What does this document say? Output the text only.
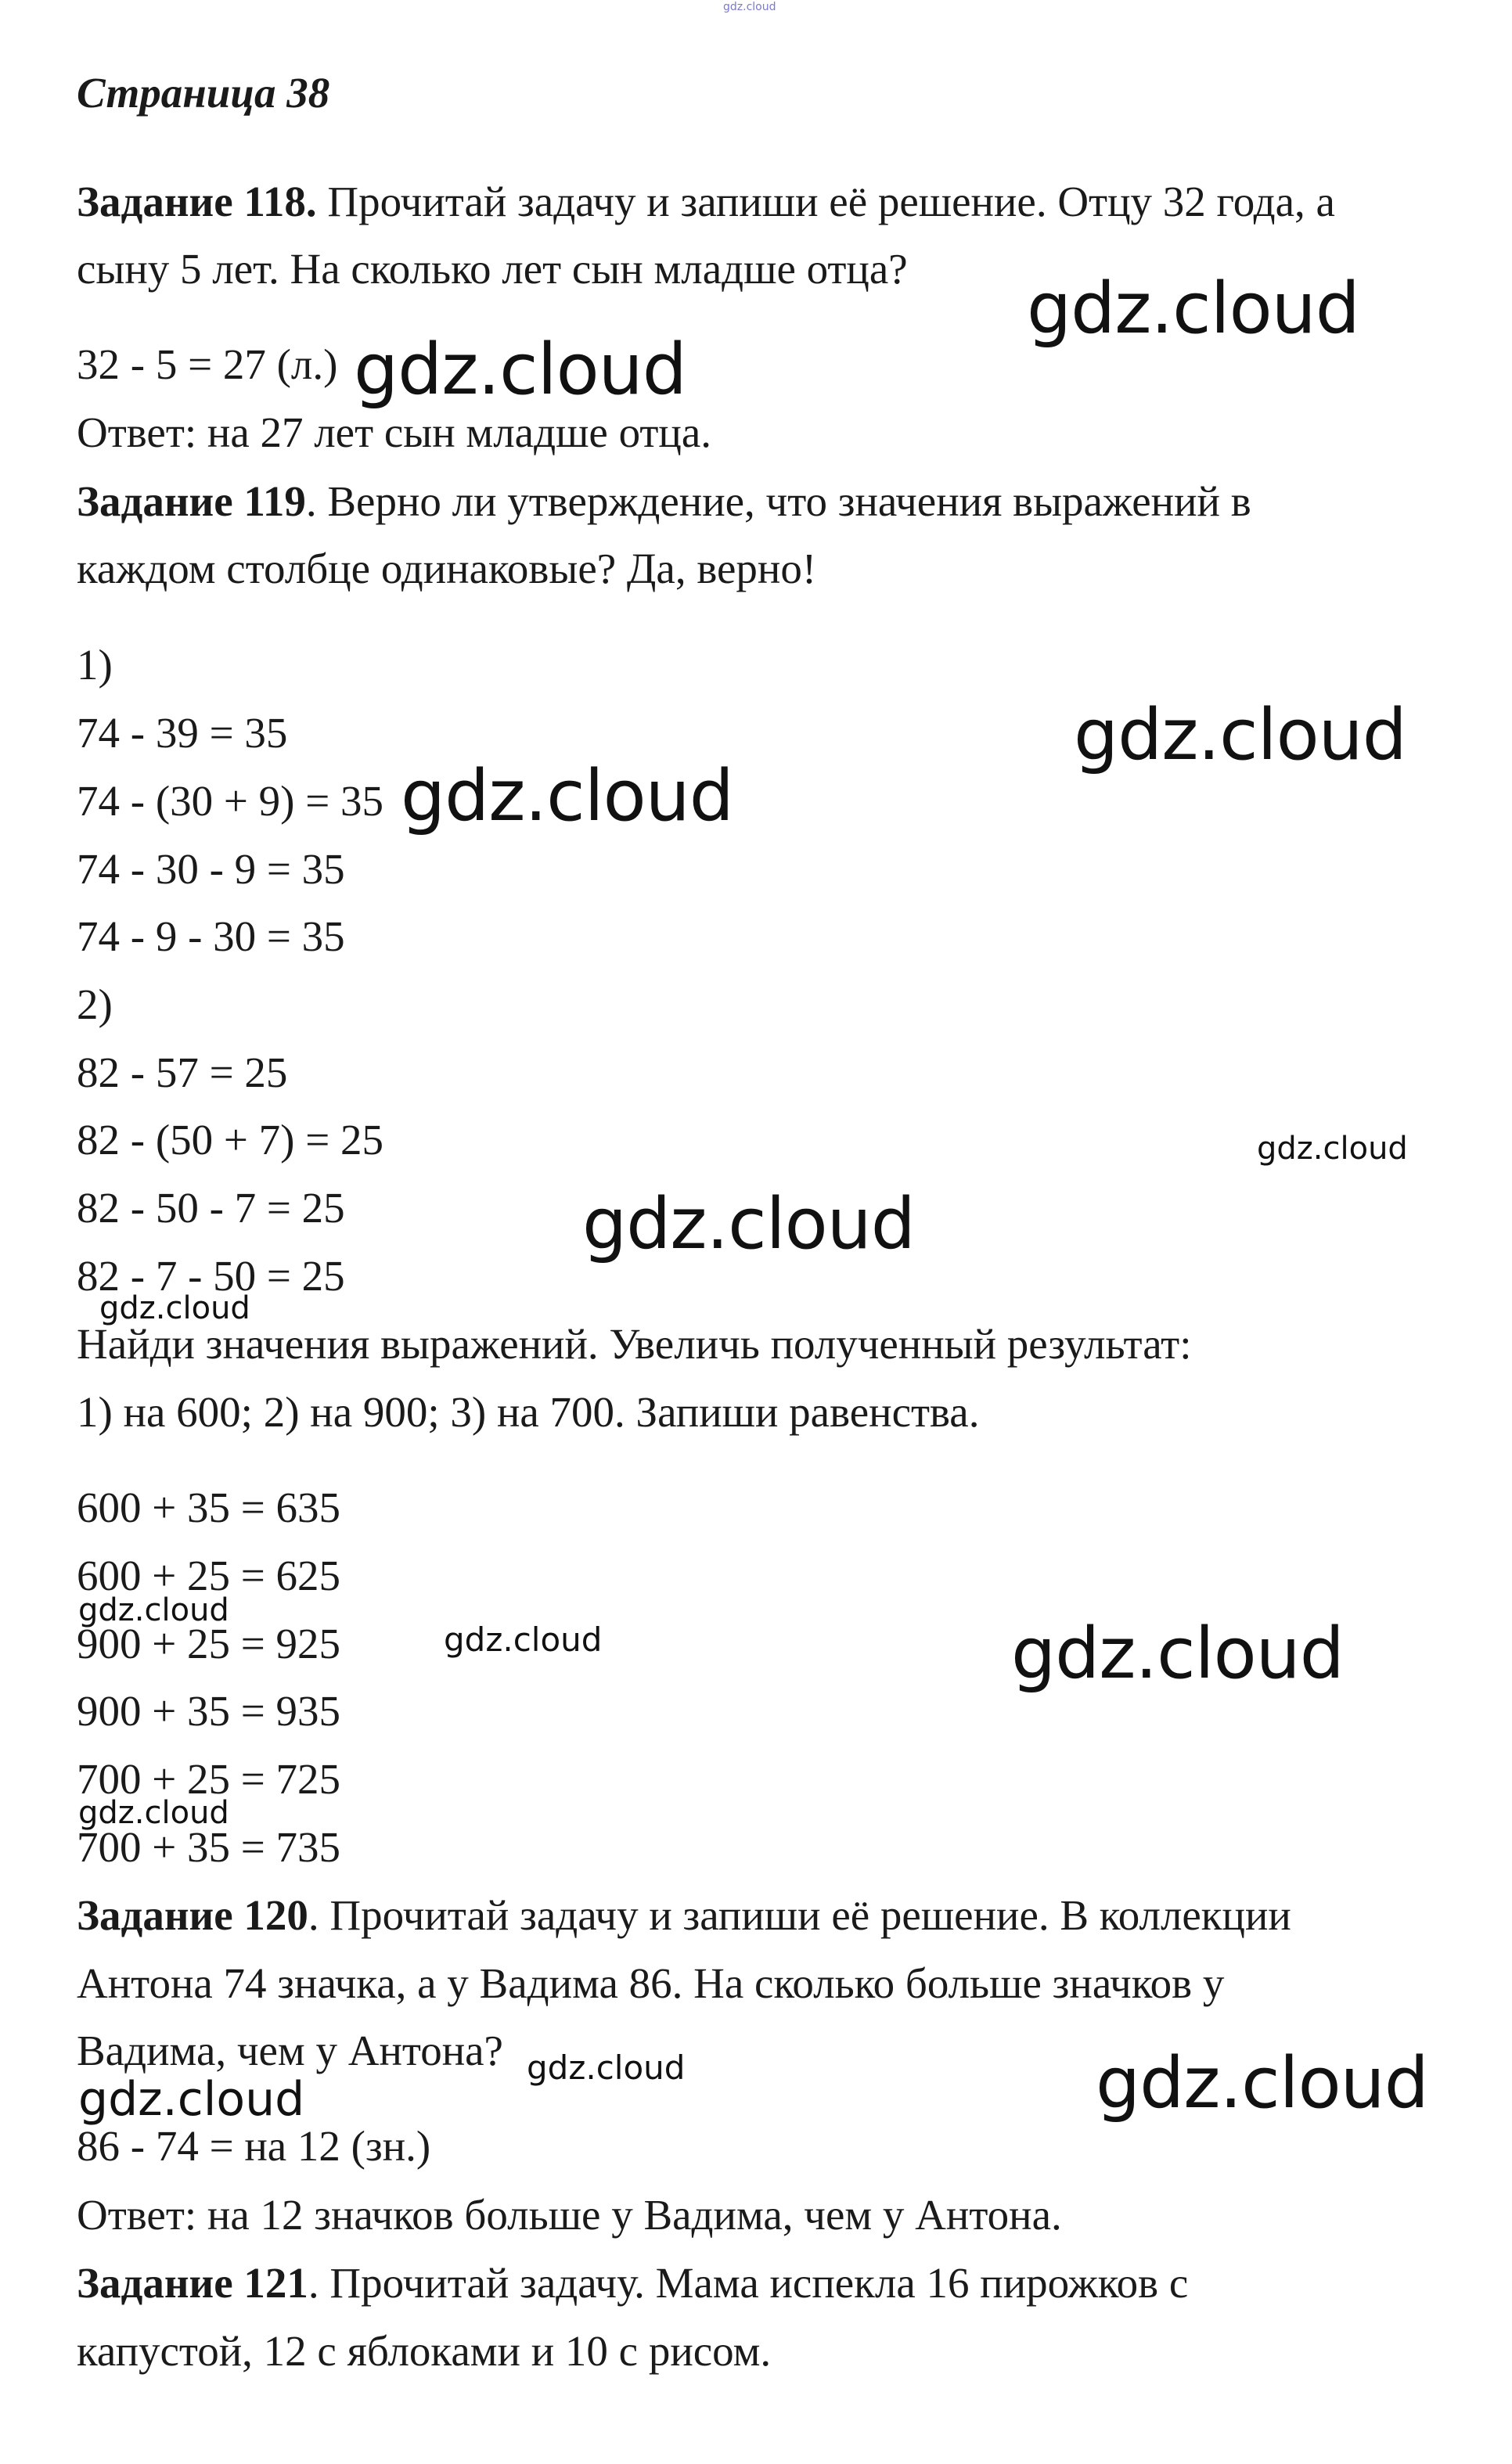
gdz.cloud
Страница 38
Задание 118. Прочитай задачу и запиши её решение. Отцу 32 года, а
сыну 5 лет. На сколько лет сын младше отца?
32 - 5 = 27 (л.)
Ответ: на 27 лет сын младше отца.
Задание 119. Верно ли утверждение, что значения выражений в
каждом столбце одинаковые? Да, верно!
1)
74 - 39 = 35
74 - (30 + 9) = 35
74 - 30 - 9 = 35
74 - 9 - 30 = 35
2)
82 - 57 = 25
82 - (50 + 7) = 25
82 - 50 - 7 = 25
82 - 7 - 50 = 25
Найди значения выражений. Увеличь полученный результат:
1) на 600; 2) на 900; 3) на 700. Запиши равенства.
600 + 35 = 635
600 + 25 = 625
900 + 25 = 925
900 + 35 = 935
700 + 25 = 725
700 + 35 = 735
Задание 120. Прочитай задачу и запиши её решение. В коллекции
Антона 74 значка, а у Вадима 86. На сколько больше значков у
Вадима, чем у Антона?
86 - 74 = на 12 (зн.)
Ответ: на 12 значков больше у Вадима, чем у Антона.
Задание 121. Прочитай задачу. Мама испекла 16 пирожков с
капустой, 12 с яблоками и 10 с рисом.
gdz.cloud
gdz.cloud
gdz.cloud
gdz.cloud
gdz.cloud
gdz.cloud
gdz.cloud
gdz.cloud
gdz.cloud	gdz.cloud
gdz.cloud
gdz.cloud	gdz.cloud
gdz.cloud
